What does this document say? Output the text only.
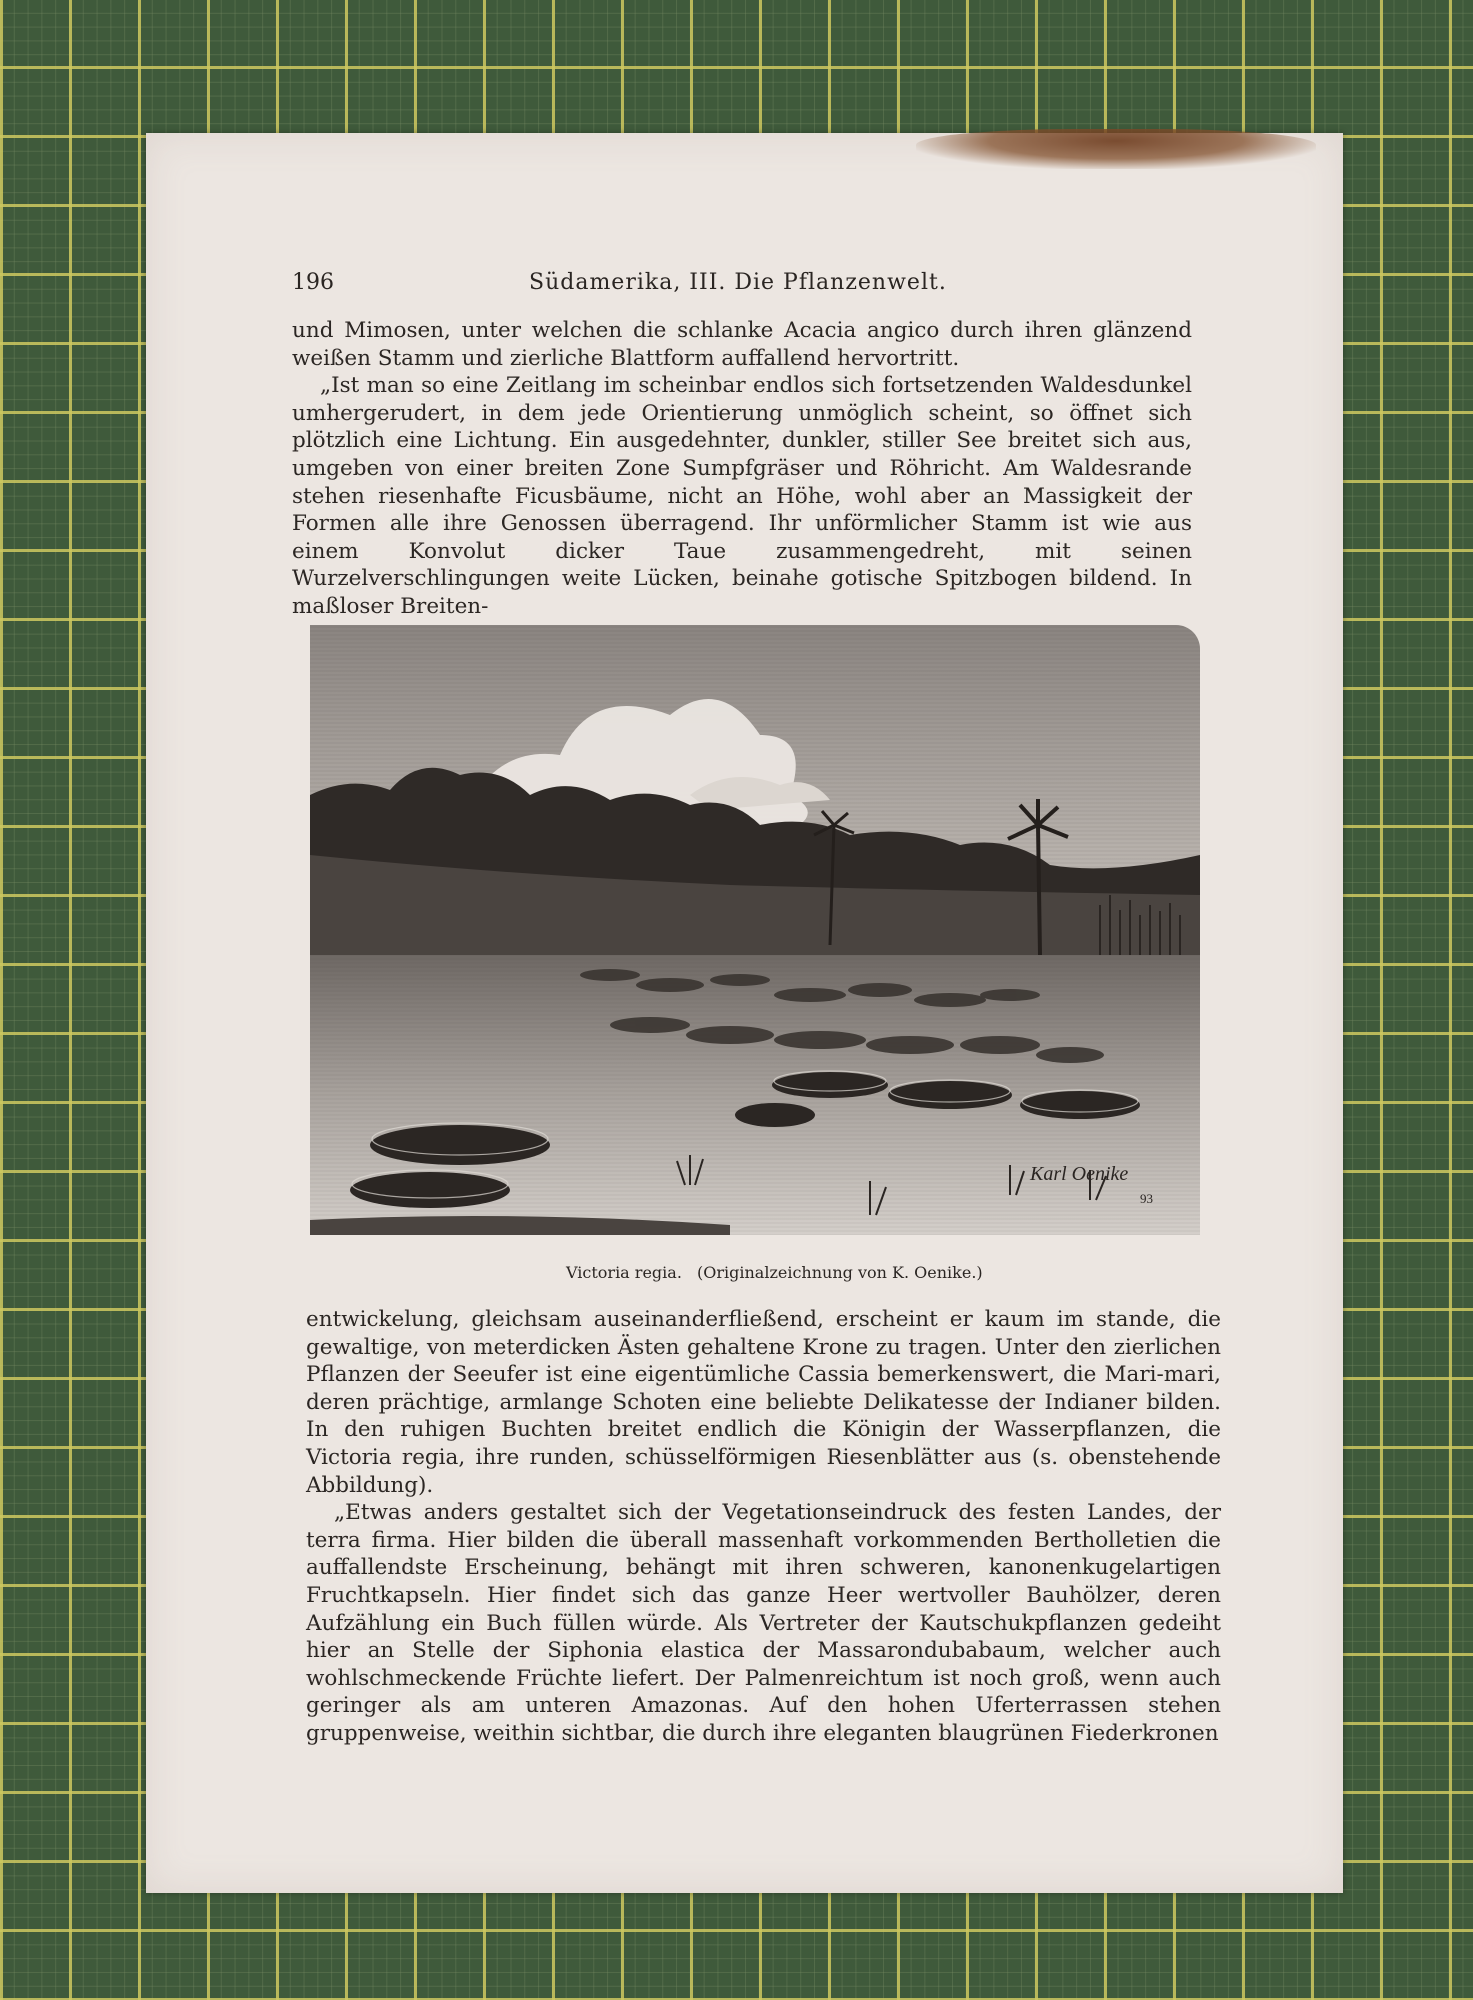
196	Südamerika, III. Die Pflanzenwelt.

und Mimosen, unter welchen die schlanke Acacia angico durch ihren glänzend weißen Stamm und zierliche Blattform auffallend hervortritt.

„Ist man so eine Zeitlang im scheinbar endlos sich fortsetzenden Waldesdunkel umhergerudert, in dem jede Orientierung unmöglich scheint, so öffnet sich plötzlich eine Lichtung. Ein ausgedehnter, dunkler, stiller See breitet sich aus, umgeben von einer breiten Zone Sumpfgräser und Röhricht. Am Waldesrande stehen riesenhafte Ficusbäume, nicht an Höhe, wohl aber an Massigkeit der Formen alle ihre Genossen überragend. Ihr unförmlicher Stamm ist wie aus einem Konvolut dicker Taue zusammengedreht, mit seinen Wurzelverschlingungen weite Lücken, beinahe gotische Spitzbogen bildend. In maßloser Breiten-

Karl Oenike
93
Victoria regia. (Originalzeichnung von K. Oenike.)

entwickelung, gleichsam auseinanderfließend, erscheint er kaum im stande, die gewaltige, von meterdicken Ästen gehaltene Krone zu tragen. Unter den zierlichen Pflanzen der Seeufer ist eine eigentümliche Cassia bemerkenswert, die Mari-mari, deren prächtige, armlange Schoten eine beliebte Delikatesse der Indianer bilden. In den ruhigen Buchten breitet endlich die Königin der Wasserpflanzen, die Victoria regia, ihre runden, schüsselförmigen Riesenblätter aus (s. obenstehende Abbildung).

„Etwas anders gestaltet sich der Vegetationseindruck des festen Landes, der terra firma. Hier bilden die überall massenhaft vorkommenden Bertholletien die auffallendste Erscheinung, behängt mit ihren schweren, kanonenkugelartigen Fruchtkapseln. Hier findet sich das ganze Heer wertvoller Bauhölzer, deren Aufzählung ein Buch füllen würde. Als Vertreter der Kautschukpflanzen gedeiht hier an Stelle der Siphonia elastica der Massarondubabaum, welcher auch wohlschmeckende Früchte liefert. Der Palmenreichtum ist noch groß, wenn auch geringer als am unteren Amazonas. Auf den hohen Uferterrassen stehen gruppenweise, weithin sichtbar, die durch ihre eleganten blaugrünen Fiederkronen
